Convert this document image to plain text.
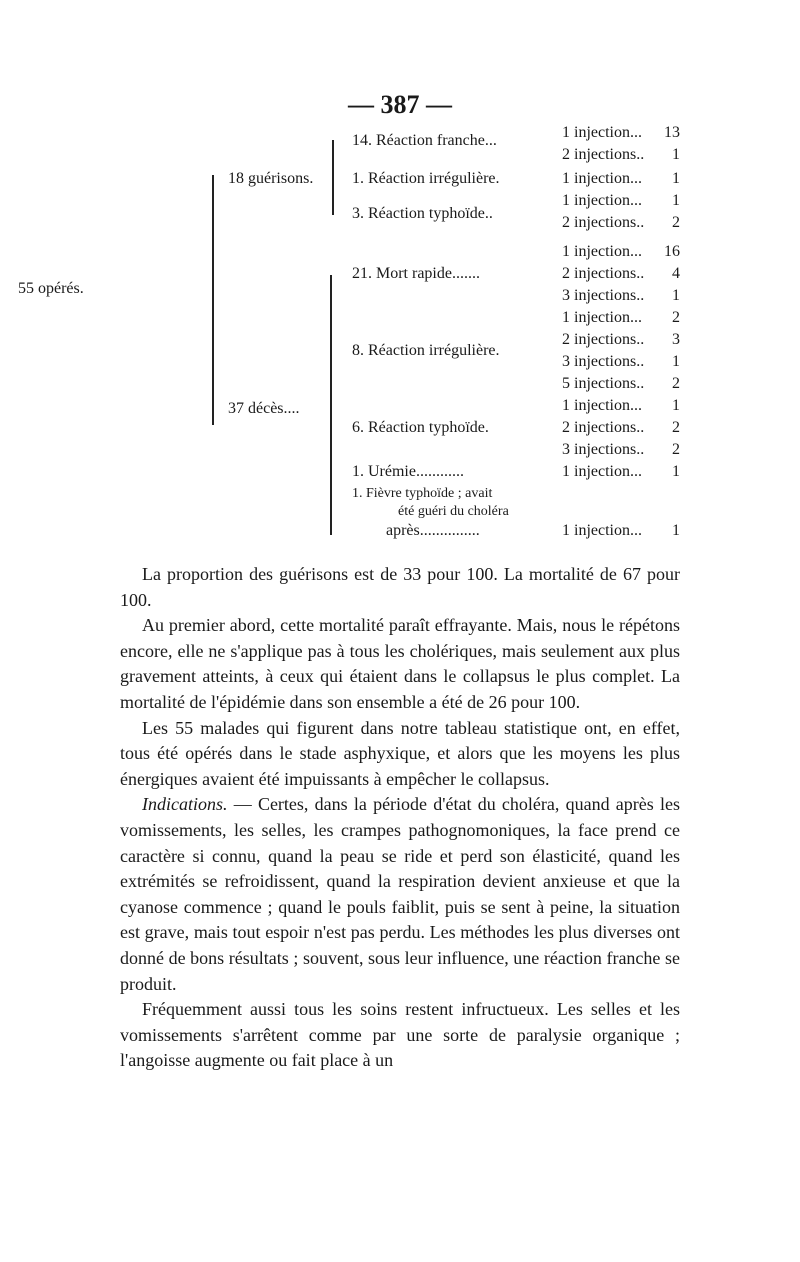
— 387 —
55 opérés.
18 guérisons.
14. Réaction franche...	1 injection...	13
2 injections..	1
1. Réaction irrégulière.	1 injection...	1
3. Réaction typhoïde..
1 injection...	1
2 injections..	2
37 décès....
21. Mort rapide.......
1 injection...	16
2 injections..	4
3 injections..	1
8. Réaction irrégulière.
1 injection...	2
2 injections..	3
3 injections..	1
5 injections..	2
6. Réaction typhoïde.
1 injection...	1
2 injections..	2
3 injections..	2
1. Urémie............	1 injection...	1
1. Fièvre typhoïde ; avait
été guéri du choléra
après...............	1 injection...	1

La proportion des guérisons est de 33 pour 100. La mortalité de 67 pour 100.

Au premier abord, cette mortalité paraît effrayante. Mais, nous le répétons encore, elle ne s'applique pas à tous les cholériques, mais seulement aux plus gravement atteints, à ceux qui étaient dans le collapsus le plus complet. La mortalité de l'épidémie dans son ensemble a été de 26 pour 100.

Les 55 malades qui figurent dans notre tableau statistique ont, en effet, tous été opérés dans le stade asphyxique, et alors que les moyens les plus énergiques avaient été impuissants à empêcher le collapsus.

Indications. — Certes, dans la période d'état du choléra, quand après les vomissements, les selles, les crampes pathognomoniques, la face prend ce caractère si connu, quand la peau se ride et perd son élasticité, quand les extrémités se refroidissent, quand la respiration devient anxieuse et que la cyanose commence ; quand le pouls faiblit, puis se sent à peine, la situation est grave, mais tout espoir n'est pas perdu. Les méthodes les plus diverses ont donné de bons résultats ; souvent, sous leur influence, une réaction franche se produit.

Fréquemment aussi tous les soins restent infructueux. Les selles et les vomissements s'arrêtent comme par une sorte de paralysie organique ; l'angoisse augmente ou fait place à un
